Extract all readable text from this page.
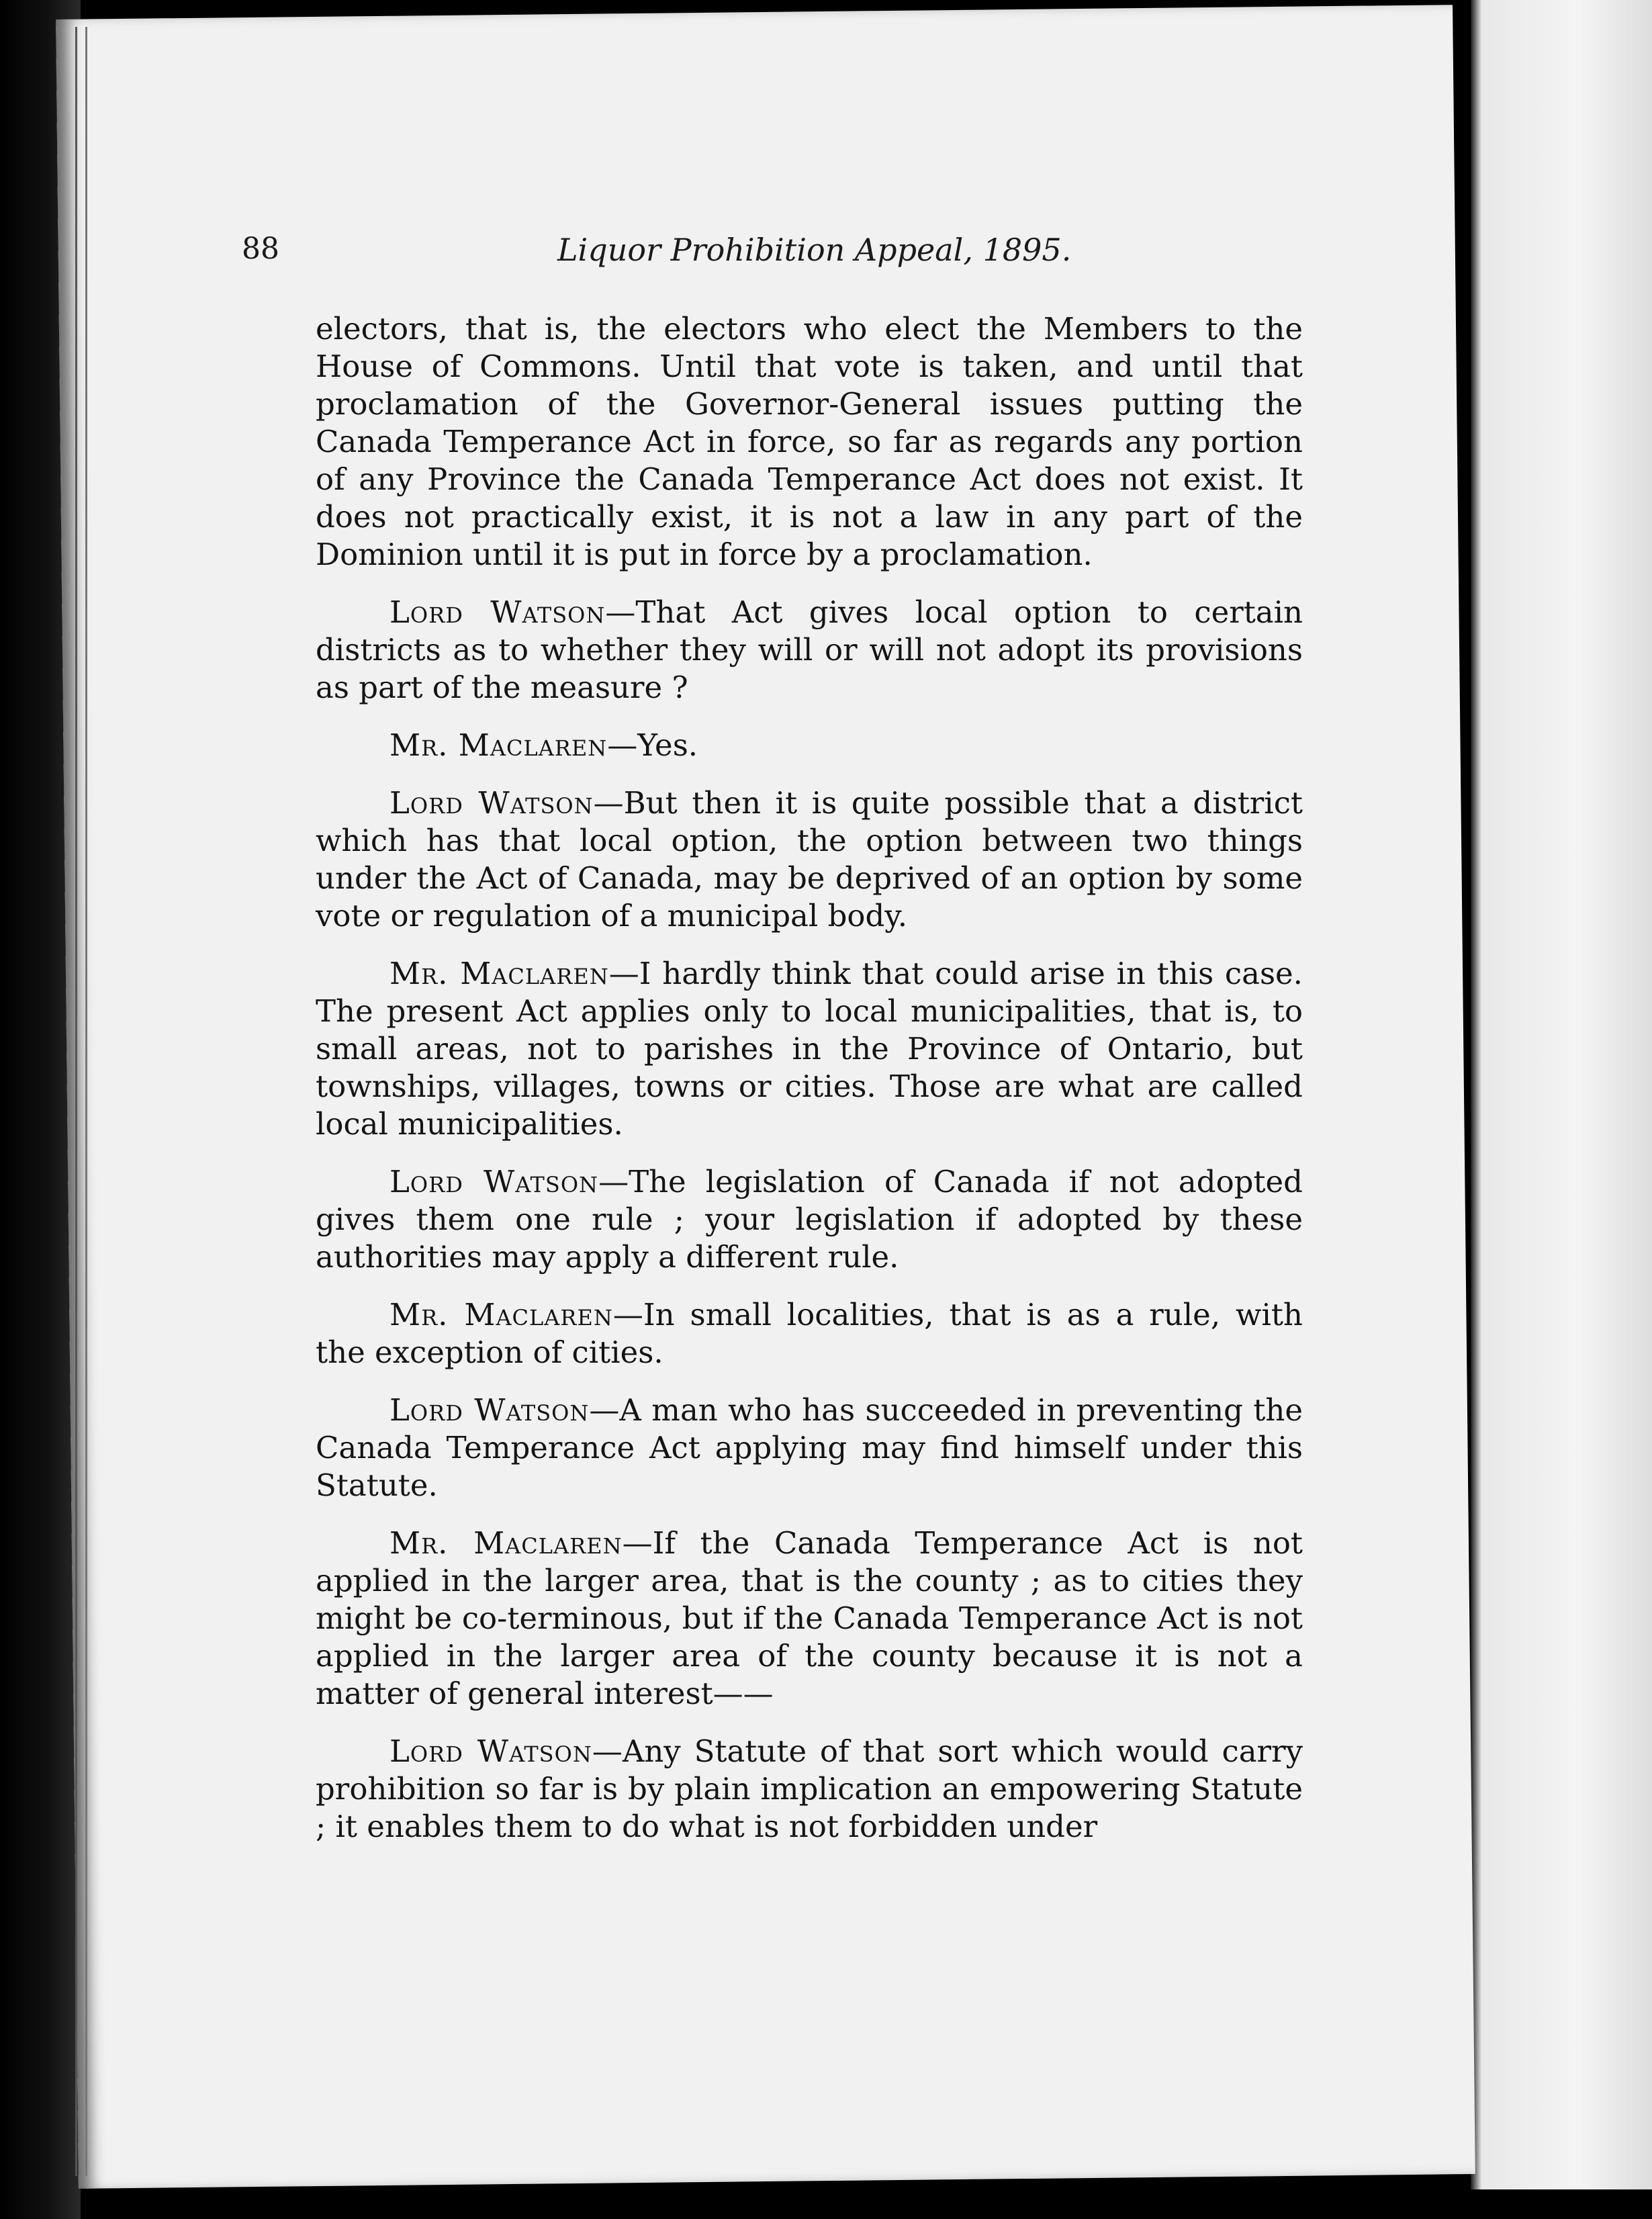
88	Liquor Prohibition Appeal, 1895.

electors, that is, the electors who elect the Members to the House of Commons. Until that vote is taken, and until that proclamation of the Governor-General issues putting the Canada Temperance Act in force, so far as regards any portion of any Province the Canada Temperance Act does not exist. It does not practically exist, it is not a law in any part of the Dominion until it is put in force by a proclamation.

Lord Watson—That Act gives local option to certain districts as to whether they will or will not adopt its provisions as part of the measure ?

Mr. Maclaren—Yes.

Lord Watson—But then it is quite possible that a district which has that local option, the option between two things under the Act of Canada, may be deprived of an option by some vote or regulation of a municipal body.

Mr. Maclaren—I hardly think that could arise in this case. The present Act applies only to local municipalities, that is, to small areas, not to parishes in the Province of Ontario, but townships, villages, towns or cities. Those are what are called local municipalities.

Lord Watson—The legislation of Canada if not adopted gives them one rule ; your legislation if adopted by these authorities may apply a different rule.

Mr. Maclaren—In small localities, that is as a rule, with the exception of cities.

Lord Watson—A man who has succeeded in preventing the Canada Temperance Act applying may find himself under this Statute.

Mr. Maclaren—If the Canada Temperance Act is not applied in the larger area, that is the county ; as to cities they might be co-terminous, but if the Canada Temperance Act is not applied in the larger area of the county because it is not a matter of general interest——

Lord Watson—Any Statute of that sort which would carry prohibition so far is by plain implication an empowering Statute ; it enables them to do what is not forbidden under
